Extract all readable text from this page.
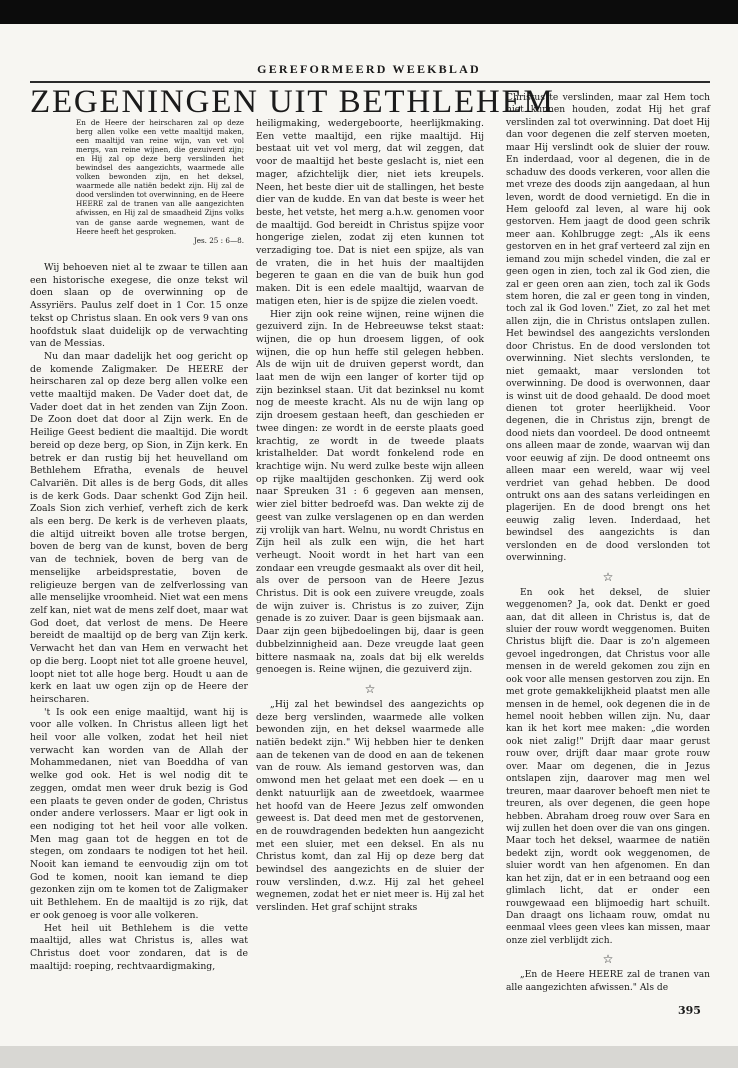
GEREFORMEERD WEEKBLAD
ZEGENINGEN UIT BETHLEHEM

En de Heere der heirscharen zal op deze berg allen volke een vette maaltijd maken, een maaltijd van reine wijn, van vet vol mergs, van reine wijnen, die gezuiverd zijn; en Hij zal op deze berg verslinden het bewindsel des aangezichts, waarmede alle volken bewonden zijn, en het deksel, waarmede alle natiën bedekt zijn. Hij zal de dood verslinden tot overwinning, en de Heere HEERE zal de tranen van alle aangezichten afwissen, en Hij zal de smaadheid Zijns volks van de ganse aarde wegnemen, want de Heere heeft het gesproken.
Jes. 25 : 6—8.

Wij behoeven niet al te zwaar te tillen aan een historische exegese, die onze tekst wil doen slaan op de overwinning op de Assyriërs. Paulus zelf doet in 1 Cor. 15 onze tekst op Christus slaan. En ook vers 9 van ons hoofdstuk slaat duidelijk op de verwachting van de Messias.

Nu dan maar dadelijk het oog gericht op de komende Zaligmaker. De HEERE der heirscharen zal op deze berg allen volke een vette maaltijd maken. De Vader doet dat, de Vader doet dat in het zenden van Zijn Zoon. De Zoon doet dat door al Zijn werk. En de Heilige Geest bedient die maaltijd. Die wordt bereid op deze berg, op Sion, in Zijn kerk. En betrek er dan rustig bij het heuvelland om Bethlehem Efratha, evenals de heuvel Calvariën. Dit alles is de berg Gods, dit alles is de kerk Gods. Daar schenkt God Zijn heil. Zoals Sion zich verhief, verheft zich de kerk als een berg. De kerk is de verheven plaats, die altijd uitreikt boven alle trotse bergen, boven de berg van de kunst, boven de berg van de techniek, boven de berg van de menselijke arbeidsprestatie, boven de religieuze bergen van de zelfverlossing van alle menselijke vroomheid. Niet wat een mens zelf kan, niet wat de mens zelf doet, maar wat God doet, dat verlost de mens. De Heere bereidt de maaltijd op de berg van Zijn kerk. Verwacht het dan van Hem en verwacht het op die berg. Loopt niet tot alle groene heuvel, loopt niet tot alle hoge berg. Houdt u aan de kerk en laat uw ogen zijn op de Heere der heirscharen.

't Is ook een enige maaltijd, want hij is voor alle volken. In Christus alleen ligt het heil voor alle volken, zodat het heil niet verwacht kan worden van de Allah der Mohammedanen, niet van Boeddha of van welke god ook. Het is wel nodig dit te zeggen, omdat men weer druk bezig is God een plaats te geven onder de goden, Christus onder andere verlossers. Maar er ligt ook in een nodiging tot het heil voor alle volken. Men mag gaan tot de heggen en tot de stegen, om zondaars te nodigen tot het heil. Nooit kan iemand te eenvoudig zijn om tot God te komen, nooit kan iemand te diep gezonken zijn om te komen tot de Zaligmaker uit Bethlehem. En de maaltijd is zo rijk, dat er ook genoeg is voor alle volkeren.

Het heil uit Bethlehem is die vette maaltijd, alles wat Christus is, alles wat Christus doet voor zondaren, dat is de maaltijd: roeping, rechtvaardigmaking,

heiligmaking, wedergeboorte, heerlijkmaking. Een vette maaltijd, een rijke maaltijd. Hij bestaat uit vet vol merg, dat wil zeggen, dat voor de maaltijd het beste geslacht is, niet een mager, afzichtelijk dier, niet iets kreupels. Neen, het beste dier uit de stallingen, het beste dier van de kudde. En van dat beste is weer het beste, het vetste, het merg a.h.w. genomen voor de maaltijd. God bereidt in Christus spijze voor hongerige zielen, zodat zij eten kunnen tot verzadiging toe. Dat is niet een spijze, als van de vraten, die in het huis der maaltijden begeren te gaan en die van de buik hun god maken. Dit is een edele maaltijd, waarvan de matigen eten, hier is de spijze die zielen voedt.

Hier zijn ook reine wijnen, reine wijnen die gezuiverd zijn. In de Hebreeuwse tekst staat: wijnen, die op hun droesem liggen, of ook wijnen, die op hun heffe stil gelegen hebben. Als de wijn uit de druiven geperst wordt, dan laat men de wijn een langer of korter tijd op zijn bezinksel staan. Uit dat bezinksel nu komt nog de meeste kracht. Als nu de wijn lang op zijn droesem gestaan heeft, dan geschieden er twee dingen: ze wordt in de eerste plaats goed krachtig, ze wordt in de tweede plaats kristalhelder. Dat wordt fonkelend rode en krachtige wijn. Nu werd zulke beste wijn alleen op rijke maaltijden geschonken. Zij werd ook naar Spreuken 31 : 6 gegeven aan mensen, wier ziel bitter bedroefd was. Dan wekte zij de geest van zulke verslagenen op en dan werden zij vrolijk van hart. Welnu, nu wordt Christus en Zijn heil als zulk een wijn, die het hart verheugt. Nooit wordt in het hart van een zondaar een vreugde gesmaakt als over dit heil, als over de persoon van de Heere Jezus Christus. Dit is ook een zuivere vreugde, zoals de wijn zuiver is. Christus is zo zuiver, Zijn genade is zo zuiver. Daar is geen bijsmaak aan. Daar zijn geen bijbedoelingen bij, daar is geen dubbelzinnigheid aan. Deze vreugde laat geen bittere nasmaak na, zoals dat bij elk werelds genoegen is. Reine wijnen, die gezuiverd zijn.

☆

„Hij zal het bewindsel des aangezichts op deze berg verslinden, waarmede alle volken bewonden zijn, en het deksel waarmede alle natiën bedekt zijn." Wij hebben hier te denken aan de tekenen van de dood en aan de tekenen van de rouw. Als iemand gestorven was, dan omwond men het gelaat met een doek — en u denkt natuurlijk aan de zweetdoek, waarmee het hoofd van de Heere Jezus zelf omwonden geweest is. Dat deed men met de gestorvenen, en de rouwdragenden bedekten hun aangezicht met een sluier, met een deksel. En als nu Christus komt, dan zal Hij op deze berg dat bewindsel des aangezichts en de sluier der rouw verslinden, d.w.z. Hij zal het geheel wegnemen, zodat het er niet meer is. Hij zal het verslinden. Het graf schijnt straks

Christus te verslinden, maar zal Hem toch niet kunnen houden, zodat Hij het graf verslinden zal tot overwinning. Dat doet Hij dan voor degenen die zelf sterven moeten, maar Hij verslindt ook de sluier der rouw. En inderdaad, voor al degenen, die in de schaduw des doods verkeren, voor allen die met vreze des doods zijn aangedaan, al hun leven, wordt de dood vernietigd. En die in Hem geloofd zal leven, al ware hij ook gestorven. Hem jaagt de dood geen schrik meer aan. Kohlbrugge zegt: „Als ik eens gestorven en in het graf verteerd zal zijn en iemand zou mijn schedel vinden, die zal er geen ogen in zien, toch zal ik God zien, die zal er geen oren aan zien, toch zal ik Gods stem horen, die zal er geen tong in vinden, toch zal ik God loven." Ziet, zo zal het met allen zijn, die in Christus ontslapen zullen. Het bewindsel des aangezichts verslonden door Christus. En de dood verslonden tot overwinning. Niet slechts verslonden, te niet gemaakt, maar verslonden tot overwinning. De dood is overwonnen, daar is winst uit de dood gehaald. De dood moet dienen tot groter heerlijkheid. Voor degenen, die in Christus zijn, brengt de dood niets dan voordeel. De dood ontneemt ons alleen maar de zonde, waarvan wij dan voor eeuwig af zijn. De dood ontneemt ons alleen maar een wereld, waar wij veel verdriet van gehad hebben. De dood ontrukt ons aan des satans verleidingen en plagerijen. En de dood brengt ons het eeuwig zalig leven. Inderdaad, het bewindsel des aangezichts is dan verslonden en de dood verslonden tot overwinning.

☆

En ook het deksel, de sluier weggenomen? Ja, ook dat. Denkt er goed aan, dat dit alleen in Christus is, dat de sluier der rouw wordt weggenomen. Buiten Christus blijft die. Daar is zo'n algemeen gevoel ingedrongen, dat Christus voor alle mensen in de wereld gekomen zou zijn en ook voor alle mensen gestorven zou zijn. En met grote gemakkelijkheid plaatst men alle mensen in de hemel, ook degenen die in de hemel nooit hebben willen zijn. Nu, daar kan ik het kort mee maken: „die worden ook niet zalig!" Drijft daar maar gerust rouw over, drijft daar maar grote rouw over. Maar om degenen, die in Jezus ontslapen zijn, daarover mag men wel treuren, maar daarover behoeft men niet te treuren, als over degenen, die geen hope hebben. Abraham droeg rouw over Sara en wij zullen het doen over die van ons gingen. Maar toch het deksel, waarmee de natiën bedekt zijn, wordt ook weggenomen, de sluier wordt van hen afgenomen. En dan kan het zijn, dat er in een betraand oog een glimlach licht, dat er onder een rouwgewaad een blijmoedig hart schuilt. Dan draagt ons lichaam rouw, omdat nu eenmaal vlees geen vlees kan missen, maar onze ziel verblijdt zich.

☆

„En de Heere HEERE zal de tranen van alle aangezichten afwissen." Als de

395
